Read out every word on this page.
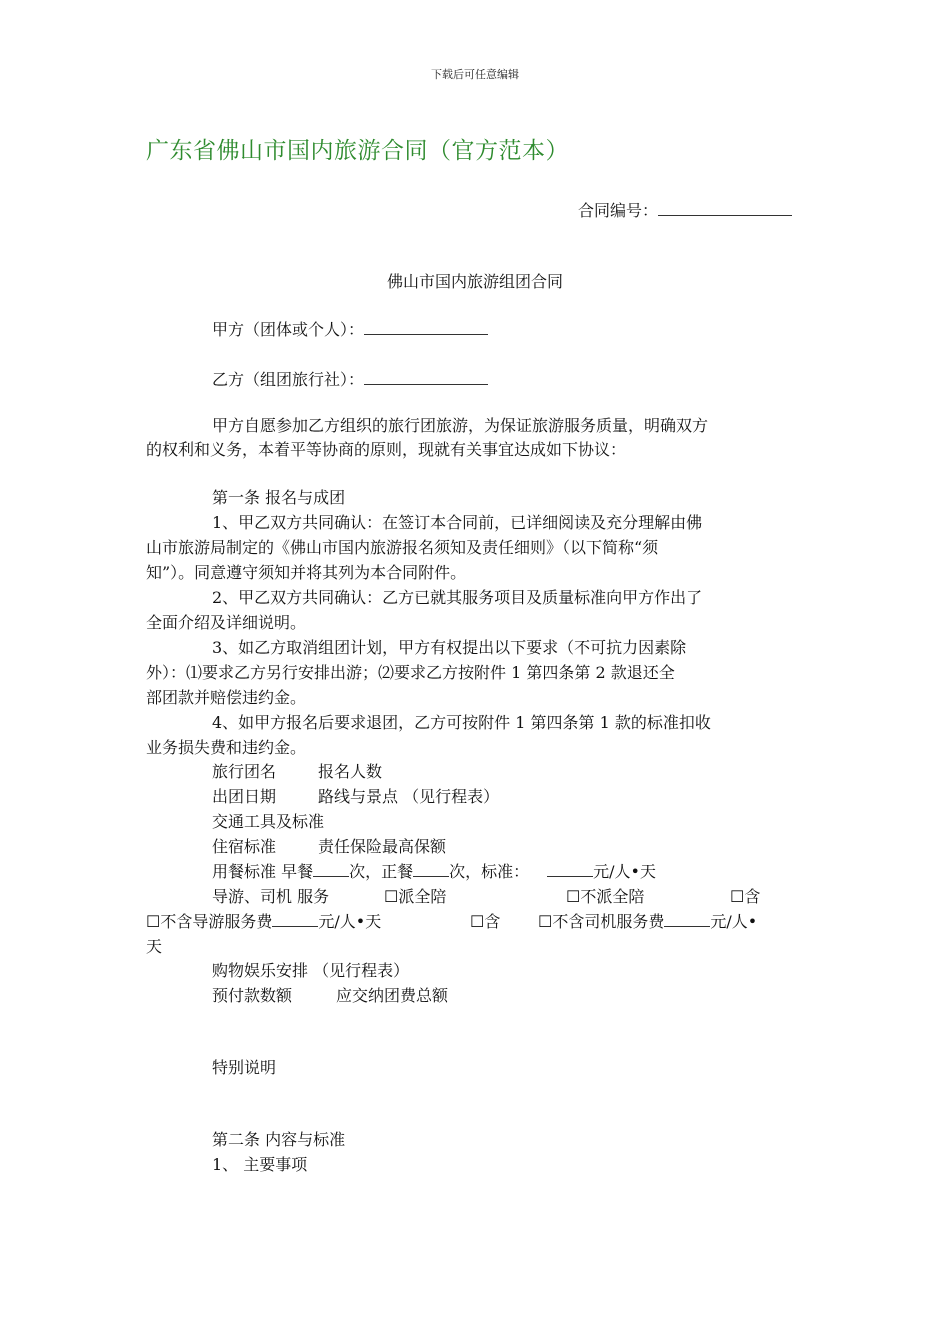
下载后可任意编辑
广东省佛山市国内旅游合同（官方范本）
合同编号：
佛山市国内旅游组团合同
甲方（团体或个人）：
乙方（组团旅行社）：
甲方自愿参加乙方组织的旅行团旅游，为保证旅游服务质量，明确双方
的权利和义务，本着平等协商的原则，现就有关事宜达成如下协议：
第一条 报名与成团
1、甲乙双方共同确认：在签订本合同前，已详细阅读及充分理解由佛
山市旅游局制定的《佛山市国内旅游报名须知及责任细则》（以下简称“须
知”）。同意遵守须知并将其列为本合同附件。
2、甲乙双方共同确认：乙方已就其服务项目及质量标准向甲方作出了
全面介绍及详细说明。
3、如乙方取消组团计划，甲方有权提出以下要求（不可抗力因素除
外）：⑴要求乙方另行安排出游；⑵要求乙方按附件 1 第四条第 2 款退还全
部团款并赔偿违约金。
4、如甲方报名后要求退团，乙方可按附件 1 第四条第 1 款的标准扣收
业务损失费和违约金。
旅行团名	报名人数
出团日期	路线与景点 （见行程表）
交通工具及标准
住宿标准	责任保险最高保额
用餐标准 早餐 次，正餐 次，标准：	元/人•天
导游、司机 服务	☐派全陪	☐不派全陪	☐含
☐不含导游服务费	元/人•天	☐含 ☐不含司机服务费	元/人•
天
购物娱乐安排 （见行程表）
预付款数额	应交纳团费总额
特别说明
第二条 内容与标准
1、 主要事项
